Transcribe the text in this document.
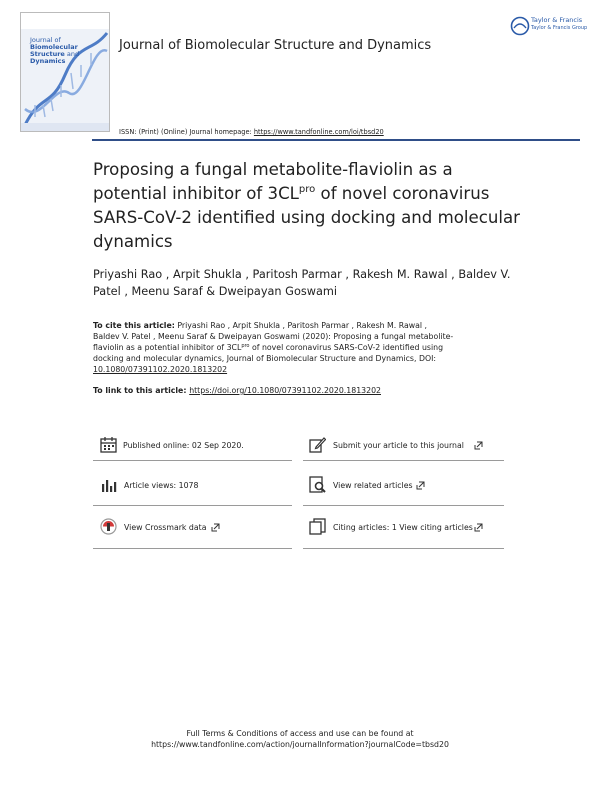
Journal of
Biomolecular
Structure and Dynamics
Journal of Biomolecular Structure and Dynamics
Taylor & Francis
Taylor & Francis Group
ISSN: (Print) (Online) Journal homepage: https://www.tandfonline.com/loi/tbsd20
Proposing a fungal metabolite-flaviolin as a
potential inhibitor of $3CL^{pro}$ of novel coronavirus
SARS-CoV-2 identified using docking and molecular
dynamics
Priyashi Rao , Arpit Shukla , Paritosh Parmar , Rakesh M. Rawal , Baldev V.
Patel , Meenu Saraf & Dweipayan Goswami
To cite this article: Priyashi Rao , Arpit Shukla , Paritosh Parmar , Rakesh M. Rawal ,
Baldev V. Patel , Meenu Saraf & Dweipayan Goswami (2020): Proposing a fungal metabolite-
flaviolin as a potential inhibitor of $3CL^{pro}$ of novel coronavirus SARS-CoV-2 identified using
docking and molecular dynamics, Journal of Biomolecular Structure and Dynamics, DOI:
10.1080/07391102.2020.1813202
To link to this article: https://doi.org/10.1080/07391102.2020.1813202
Published online: 02 Sep 2020.	Submit your article to this journal
Article views: 1078	View related articles
View Crossmark data	Citing articles: 1 View citing articles
Full Terms & Conditions of access and use can be found at
https://www.tandfonline.com/action/journalInformation?journalCode=tbsd20
